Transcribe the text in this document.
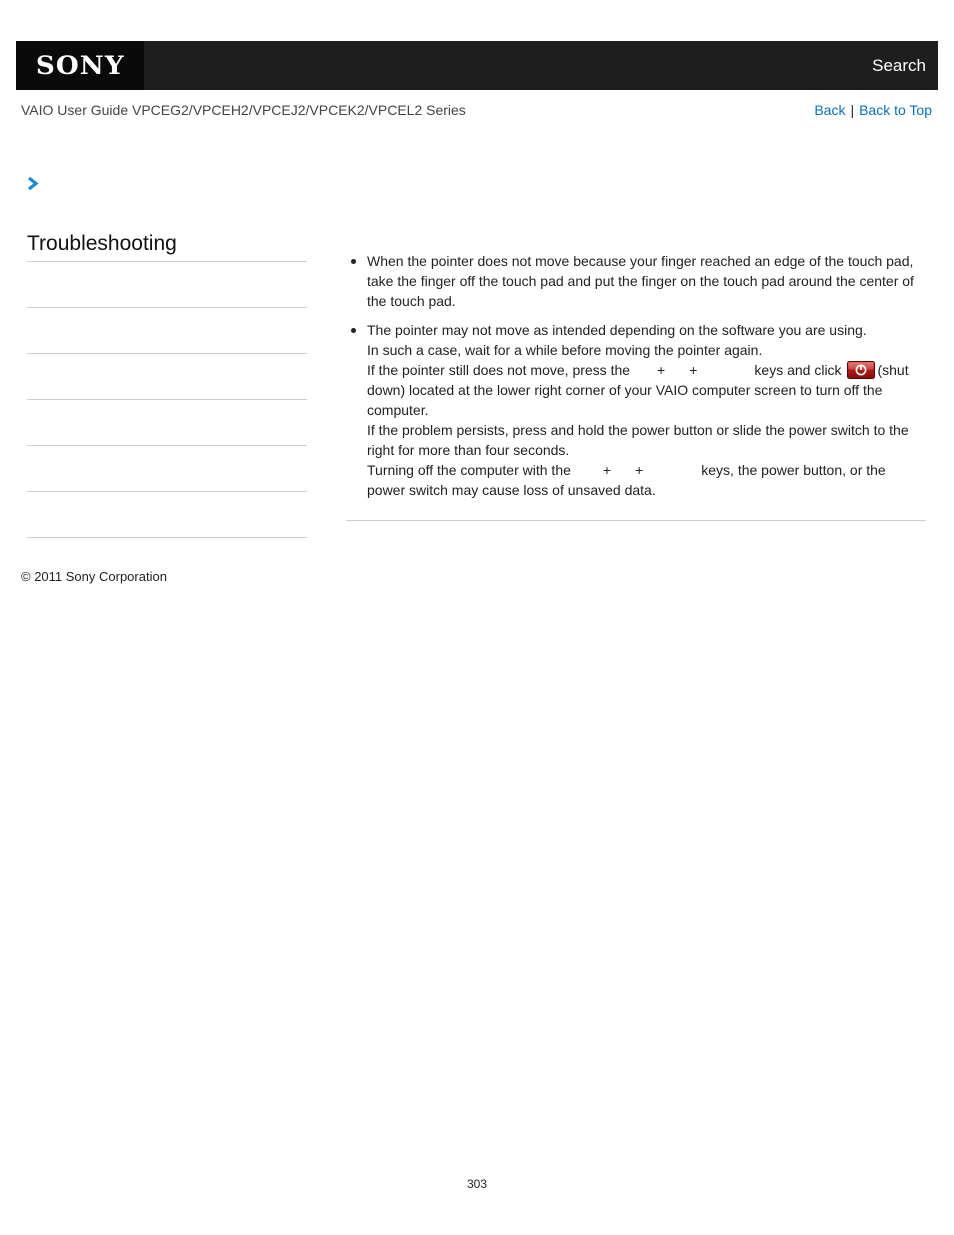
SONY	Search
VAIO User Guide VPCEG2/VPCEH2/VPCEJ2/VPCEK2/VPCEL2 Series	Back | Back to Top
Troubleshooting
When the pointer does not move because your finger reached an edge of the touch pad,
take the finger off the touch pad and put the finger on the touch pad around the center of
the touch pad.
The pointer may not move as intended depending on the software you are using.
In such a case, wait for a while before moving the pointer again.
If the pointer still does not move, press the + +	keys and click	(shut
down) located at the lower right corner of your VAIO computer screen to turn off the
computer.
If the problem persists, press and hold the power button or slide the power switch to the
right for more than four seconds.
Turning off the computer with the + +	keys, the power button, or the
power switch may cause loss of unsaved data.
© 2011 Sony Corporation
303
